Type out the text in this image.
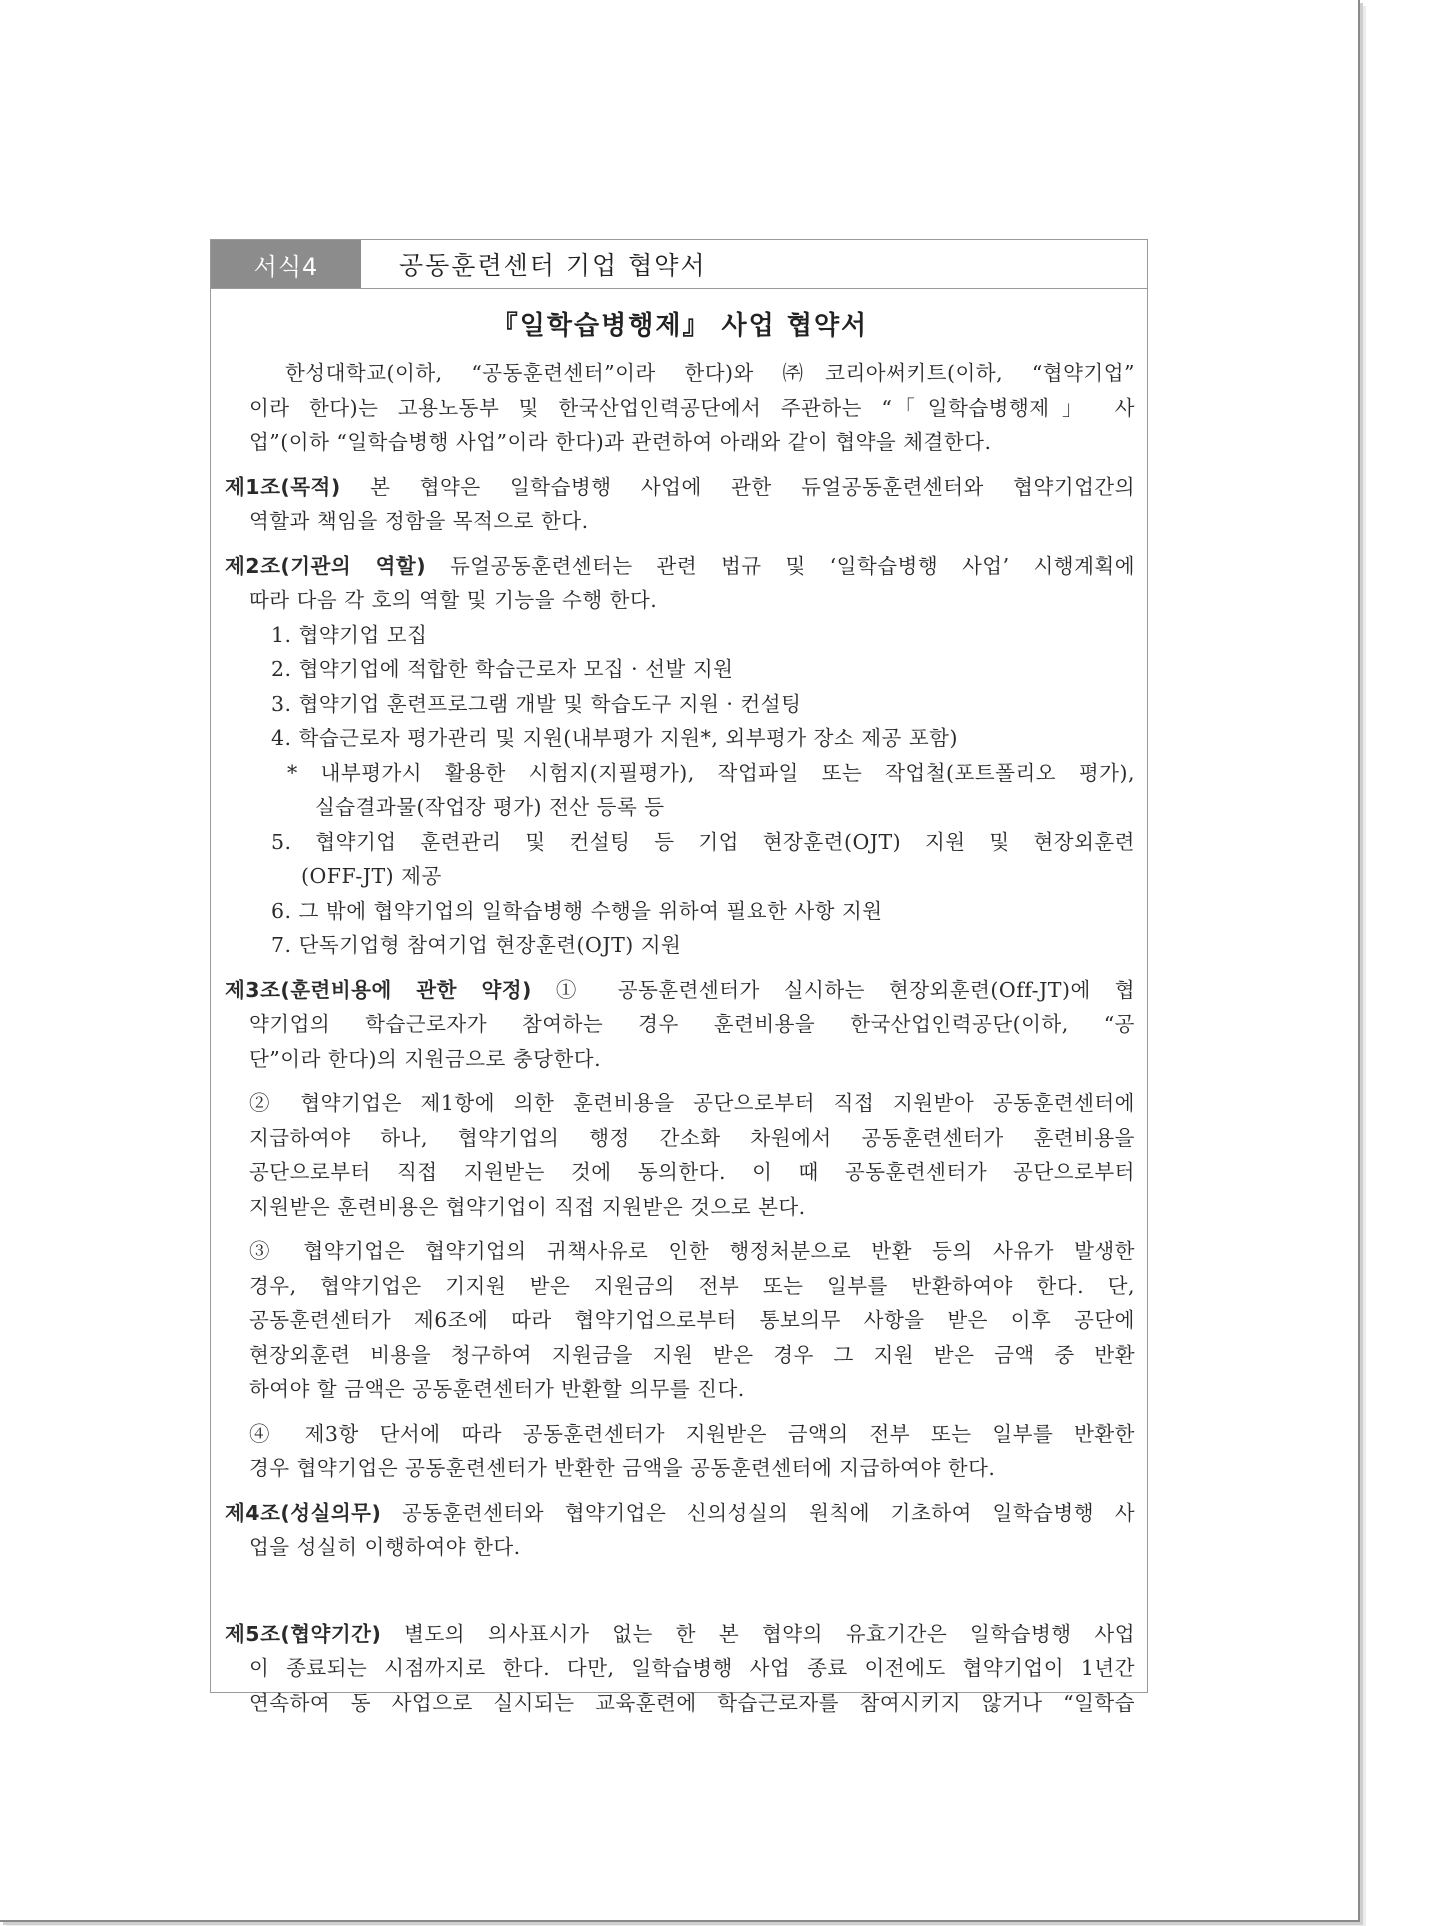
서식4	공동훈련센터 기업 협약서
『일학습병행제』 사업 협약서
한성대학교(이하, “공동훈련센터”이라 한다)와 ㈜코리아써키트(이하, “협약기업”
이라 한다)는 고용노동부 및 한국산업인력공단에서 주관하는 “「일학습병행제」 사
업”(이하 “일학습병행 사업”이라 한다)과 관련하여 아래와 같이 협약을 체결한다.
제1조(목적) 본 협약은 일학습병행 사업에 관한 듀얼공동훈련센터와 협약기업간의
역할과 책임을 정함을 목적으로 한다.
제2조(기관의 역할) 듀얼공동훈련센터는 관련 법규 및 ‘일학습병행 사업’ 시행계획에
따라 다음 각 호의 역할 및 기능을 수행 한다.
1. 협약기업 모집
2. 협약기업에 적합한 학습근로자 모집 · 선발 지원
3. 협약기업 훈련프로그램 개발 및 학습도구 지원 · 컨설팅
4. 학습근로자 평가관리 및 지원(내부평가 지원*, 외부평가 장소 제공 포함)
* 내부평가시 활용한 시험지(지필평가), 작업파일 또는 작업철(포트폴리오 평가),
실습결과물(작업장 평가) 전산 등록 등
5. 협약기업 훈련관리 및 컨설팅 등 기업 현장훈련(OJT) 지원 및 현장외훈련
(OFF-JT) 제공
6. 그 밖에 협약기업의 일학습병행 수행을 위하여 필요한 사항 지원
7. 단독기업형 참여기업 현장훈련(OJT) 지원
제3조(훈련비용에 관한 약정) ① 공동훈련센터가 실시하는 현장외훈련(Off-JT)에 협
약기업의 학습근로자가 참여하는 경우 훈련비용을 한국산업인력공단(이하, “공
단”이라 한다)의 지원금으로 충당한다.
② 협약기업은 제1항에 의한 훈련비용을 공단으로부터 직접 지원받아 공동훈련센터에
지급하여야 하나, 협약기업의 행정 간소화 차원에서 공동훈련센터가 훈련비용을
공단으로부터 직접 지원받는 것에 동의한다. 이 때 공동훈련센터가 공단으로부터
지원받은 훈련비용은 협약기업이 직접 지원받은 것으로 본다.
③ 협약기업은 협약기업의 귀책사유로 인한 행정처분으로 반환 등의 사유가 발생한
경우, 협약기업은 기지원 받은 지원금의 전부 또는 일부를 반환하여야 한다. 단,
공동훈련센터가 제6조에 따라 협약기업으로부터 통보의무 사항을 받은 이후 공단에
현장외훈련 비용을 청구하여 지원금을 지원 받은 경우 그 지원 받은 금액 중 반환
하여야 할 금액은 공동훈련센터가 반환할 의무를 진다.
④ 제3항 단서에 따라 공동훈련센터가 지원받은 금액의 전부 또는 일부를 반환한
경우 협약기업은 공동훈련센터가 반환한 금액을 공동훈련센터에 지급하여야 한다.
제4조(성실의무) 공동훈련센터와 협약기업은 신의성실의 원칙에 기초하여 일학습병행 사
업을 성실히 이행하여야 한다.
제5조(협약기간) 별도의 의사표시가 없는 한 본 협약의 유효기간은 일학습병행 사업
이 종료되는 시점까지로 한다. 다만, 일학습병행 사업 종료 이전에도 협약기업이 1년간
연속하여 동 사업으로 실시되는 교육훈련에 학습근로자를 참여시키지 않거나 “일학습
